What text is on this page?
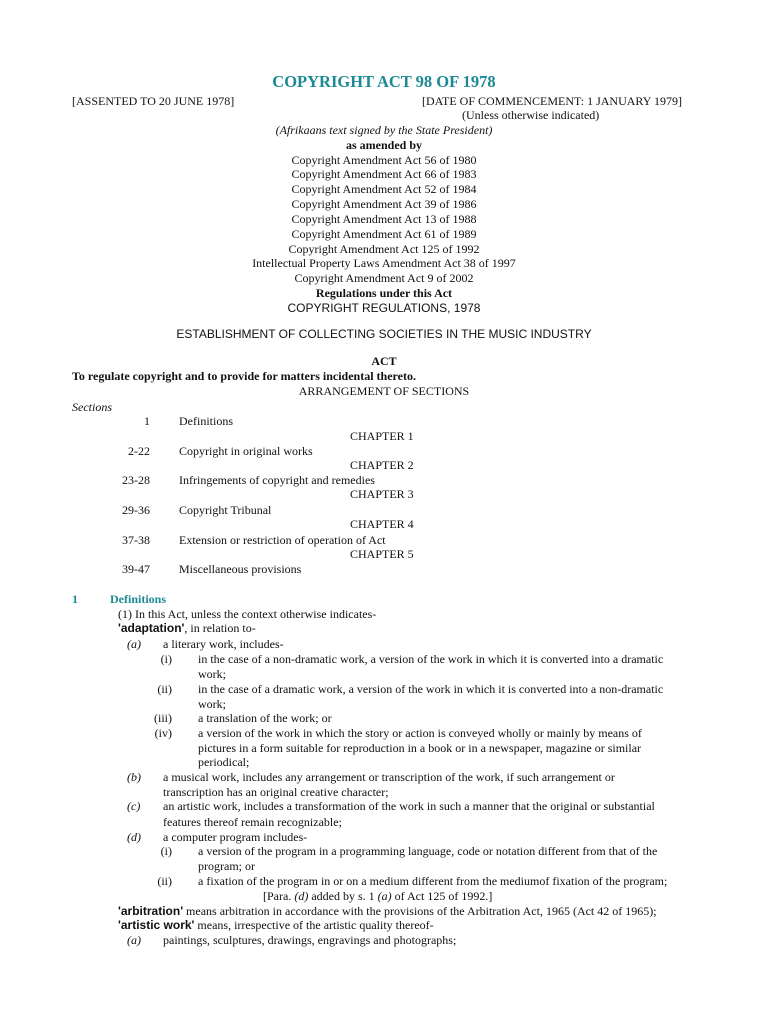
COPYRIGHT ACT 98 OF 1978
[ASSENTED TO 20 JUNE 1978]	[DATE OF COMMENCEMENT: 1 JANUARY 1979]
(Unless otherwise indicated)
(Afrikaans text signed by the State President)
as amended by
Copyright Amendment Act 56 of 1980
Copyright Amendment Act 66 of 1983
Copyright Amendment Act 52 of 1984
Copyright Amendment Act 39 of 1986
Copyright Amendment Act 13 of 1988
Copyright Amendment Act 61 of 1989
Copyright Amendment Act 125 of 1992
Intellectual Property Laws Amendment Act 38 of 1997
Copyright Amendment Act 9 of 2002
Regulations under this Act
COPYRIGHT REGULATIONS, 1978
ESTABLISHMENT OF COLLECTING SOCIETIES IN THE MUSIC INDUSTRY
ACT
To regulate copyright and to provide for matters incidental thereto.
ARRANGEMENT OF SECTIONS
Sections
1 Definitions
CHAPTER 1
2-22 Copyright in original works
CHAPTER 2
23-28 Infringements of copyright and remedies
CHAPTER 3
29-36 Copyright Tribunal
CHAPTER 4
37-38 Extension or restriction of operation of Act
CHAPTER 5
39-47 Miscellaneous provisions
1	Definitions
(1) In this Act, unless the context otherwise indicates-
'adaptation', in relation to-
(a) a literary work, includes-
(i) in the case of a non-dramatic work, a version of the work in which it is converted into a dramatic
work;
(ii) in the case of a dramatic work, a version of the work in which it is converted into a non-dramatic
work;
(iii) a translation of the work; or
(iv) a version of the work in which the story or action is conveyed wholly or mainly by means of
pictures in a form suitable for reproduction in a book or in a newspaper, magazine or similar
periodical;
(b) a musical work, includes any arrangement or transcription of the work, if such arrangement or
transcription has an original creative character;
(c) an artistic work, includes a transformation of the work in such a manner that the original or substantial
features thereof remain recognizable;
(d) a computer program includes-
(i) a version of the program in a programming language, code or notation different from that of the
program; or
(ii) a fixation of the program in or on a medium different from the mediumof fixation of the program;
[Para. (d) added by s. 1 (a) of Act 125 of 1992.]
'arbitration' means arbitration in accordance with the provisions of the Arbitration Act, 1965 (Act 42 of 1965);
'artistic work' means, irrespective of the artistic quality thereof-
(a) paintings, sculptures, drawings, engravings and photographs;
